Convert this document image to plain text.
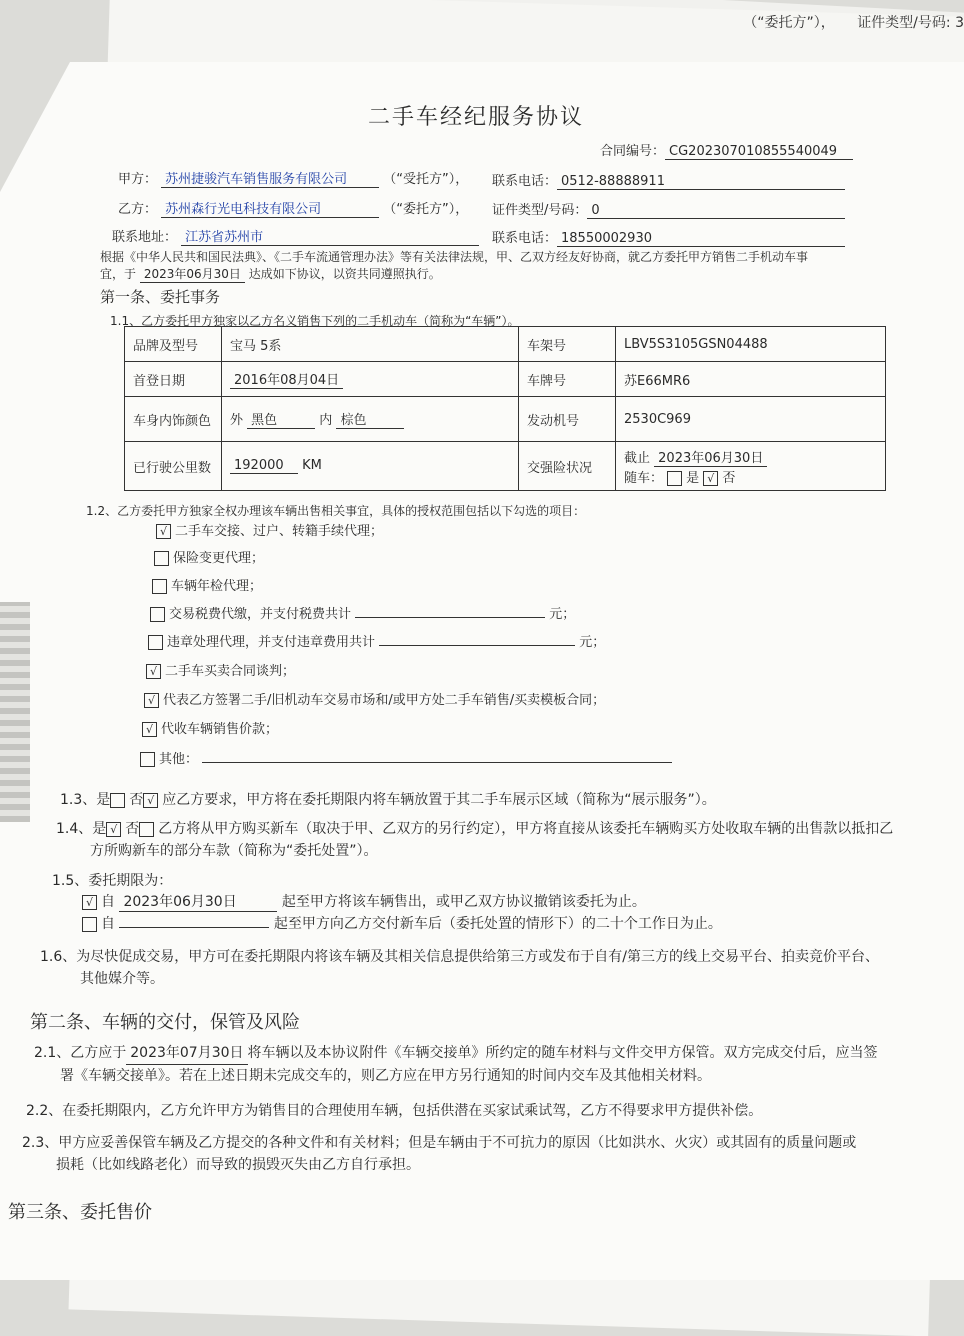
（“委托方”）， 证件类型/号码: 3
二手车经纪服务协议
合同编号： CG202307010855540049
甲方： 苏州捷骏汽车销售服务有限公司	（“受托方”）， 联系电话： 0512-88888911
乙方： 苏州森行光电科技有限公司	（“委托方”）， 证件类型/号码： 0
联系地址： 江苏省苏州市	联系电话： 18550002930
根据《中华人民共和国民法典》、《二手车流通管理办法》等有关法律法规，甲、乙双方经友好协商，就乙方委托甲方销售二手机动车事
宜，于 2023年06月30日 达成如下协议，以资共同遵照执行。
第一条、委托事务
1.1、乙方委托甲方独家以乙方名义销售下列的二手机动车（简称为“车辆”）。
品牌及型号	宝马 5系	车架号	LBV5S3105GSN04488
首登日期	2016年08月04日	车牌号	苏E66MR6
车身内饰颜色	外 黑色 内 棕色	发动机号	2530C969
已行驶公里数	192000 KM	交强险状况	截止 2023年06月30日
随车： 是 √ 否
1.2、乙方委托甲方独家全权办理该车辆出售相关事宜，具体的授权范围包括以下勾选的项目：
√ 二手车交接、过户、转籍手续代理；
保险变更代理；
车辆年检代理；
交易税费代缴，并支付税费共计	元；
违章处理代理，并支付违章费用共计	元；
√ 二手车买卖合同谈判；
√ 代表乙方签署二手/旧机动车交易市场和/或甲方处二手车销售/买卖模板合同；
√ 代收车辆销售价款；
其他：
1.3、是 否 √ 应乙方要求，甲方将在委托期限内将车辆放置于其二手车展示区域（简称为“展示服务”）。
1.4、是 √ 否 乙方将从甲方购买新车（取决于甲、乙双方的另行约定），甲方将直接从该委托车辆购买方处收取车辆的出售款以抵扣乙
方所购新车的部分车款（简称为“委托处置”）。
1.5、委托期限为：
√ 自 2023年06月30日	起至甲方将该车辆售出，或甲乙双方协议撤销该委托为止。
自	起至甲方向乙方交付新车后（委托处置的情形下）的二十个工作日为止。
1.6、为尽快促成交易，甲方可在委托期限内将该车辆及其相关信息提供给第三方或发布于自有/第三方的线上交易平台、拍卖竞价平台、
其他媒介等。
第二条、车辆的交付，保管及风险
2.1、乙方应于 2023年07月30日 将车辆以及本协议附件《车辆交接单》所约定的随车材料与文件交甲方保管。双方完成交付后，应当签
署《车辆交接单》。若在上述日期未完成交车的，则乙方应在甲方另行通知的时间内交车及其他相关材料。
2.2、在委托期限内，乙方允许甲方为销售目的合理使用车辆，包括供潜在买家试乘试驾，乙方不得要求甲方提供补偿。
2.3、甲方应妥善保管车辆及乙方提交的各种文件和有关材料；但是车辆由于不可抗力的原因（比如洪水、火灾）或其固有的质量问题或
损耗（比如线路老化）而导致的损毁灭失由乙方自行承担。
第三条、委托售价
